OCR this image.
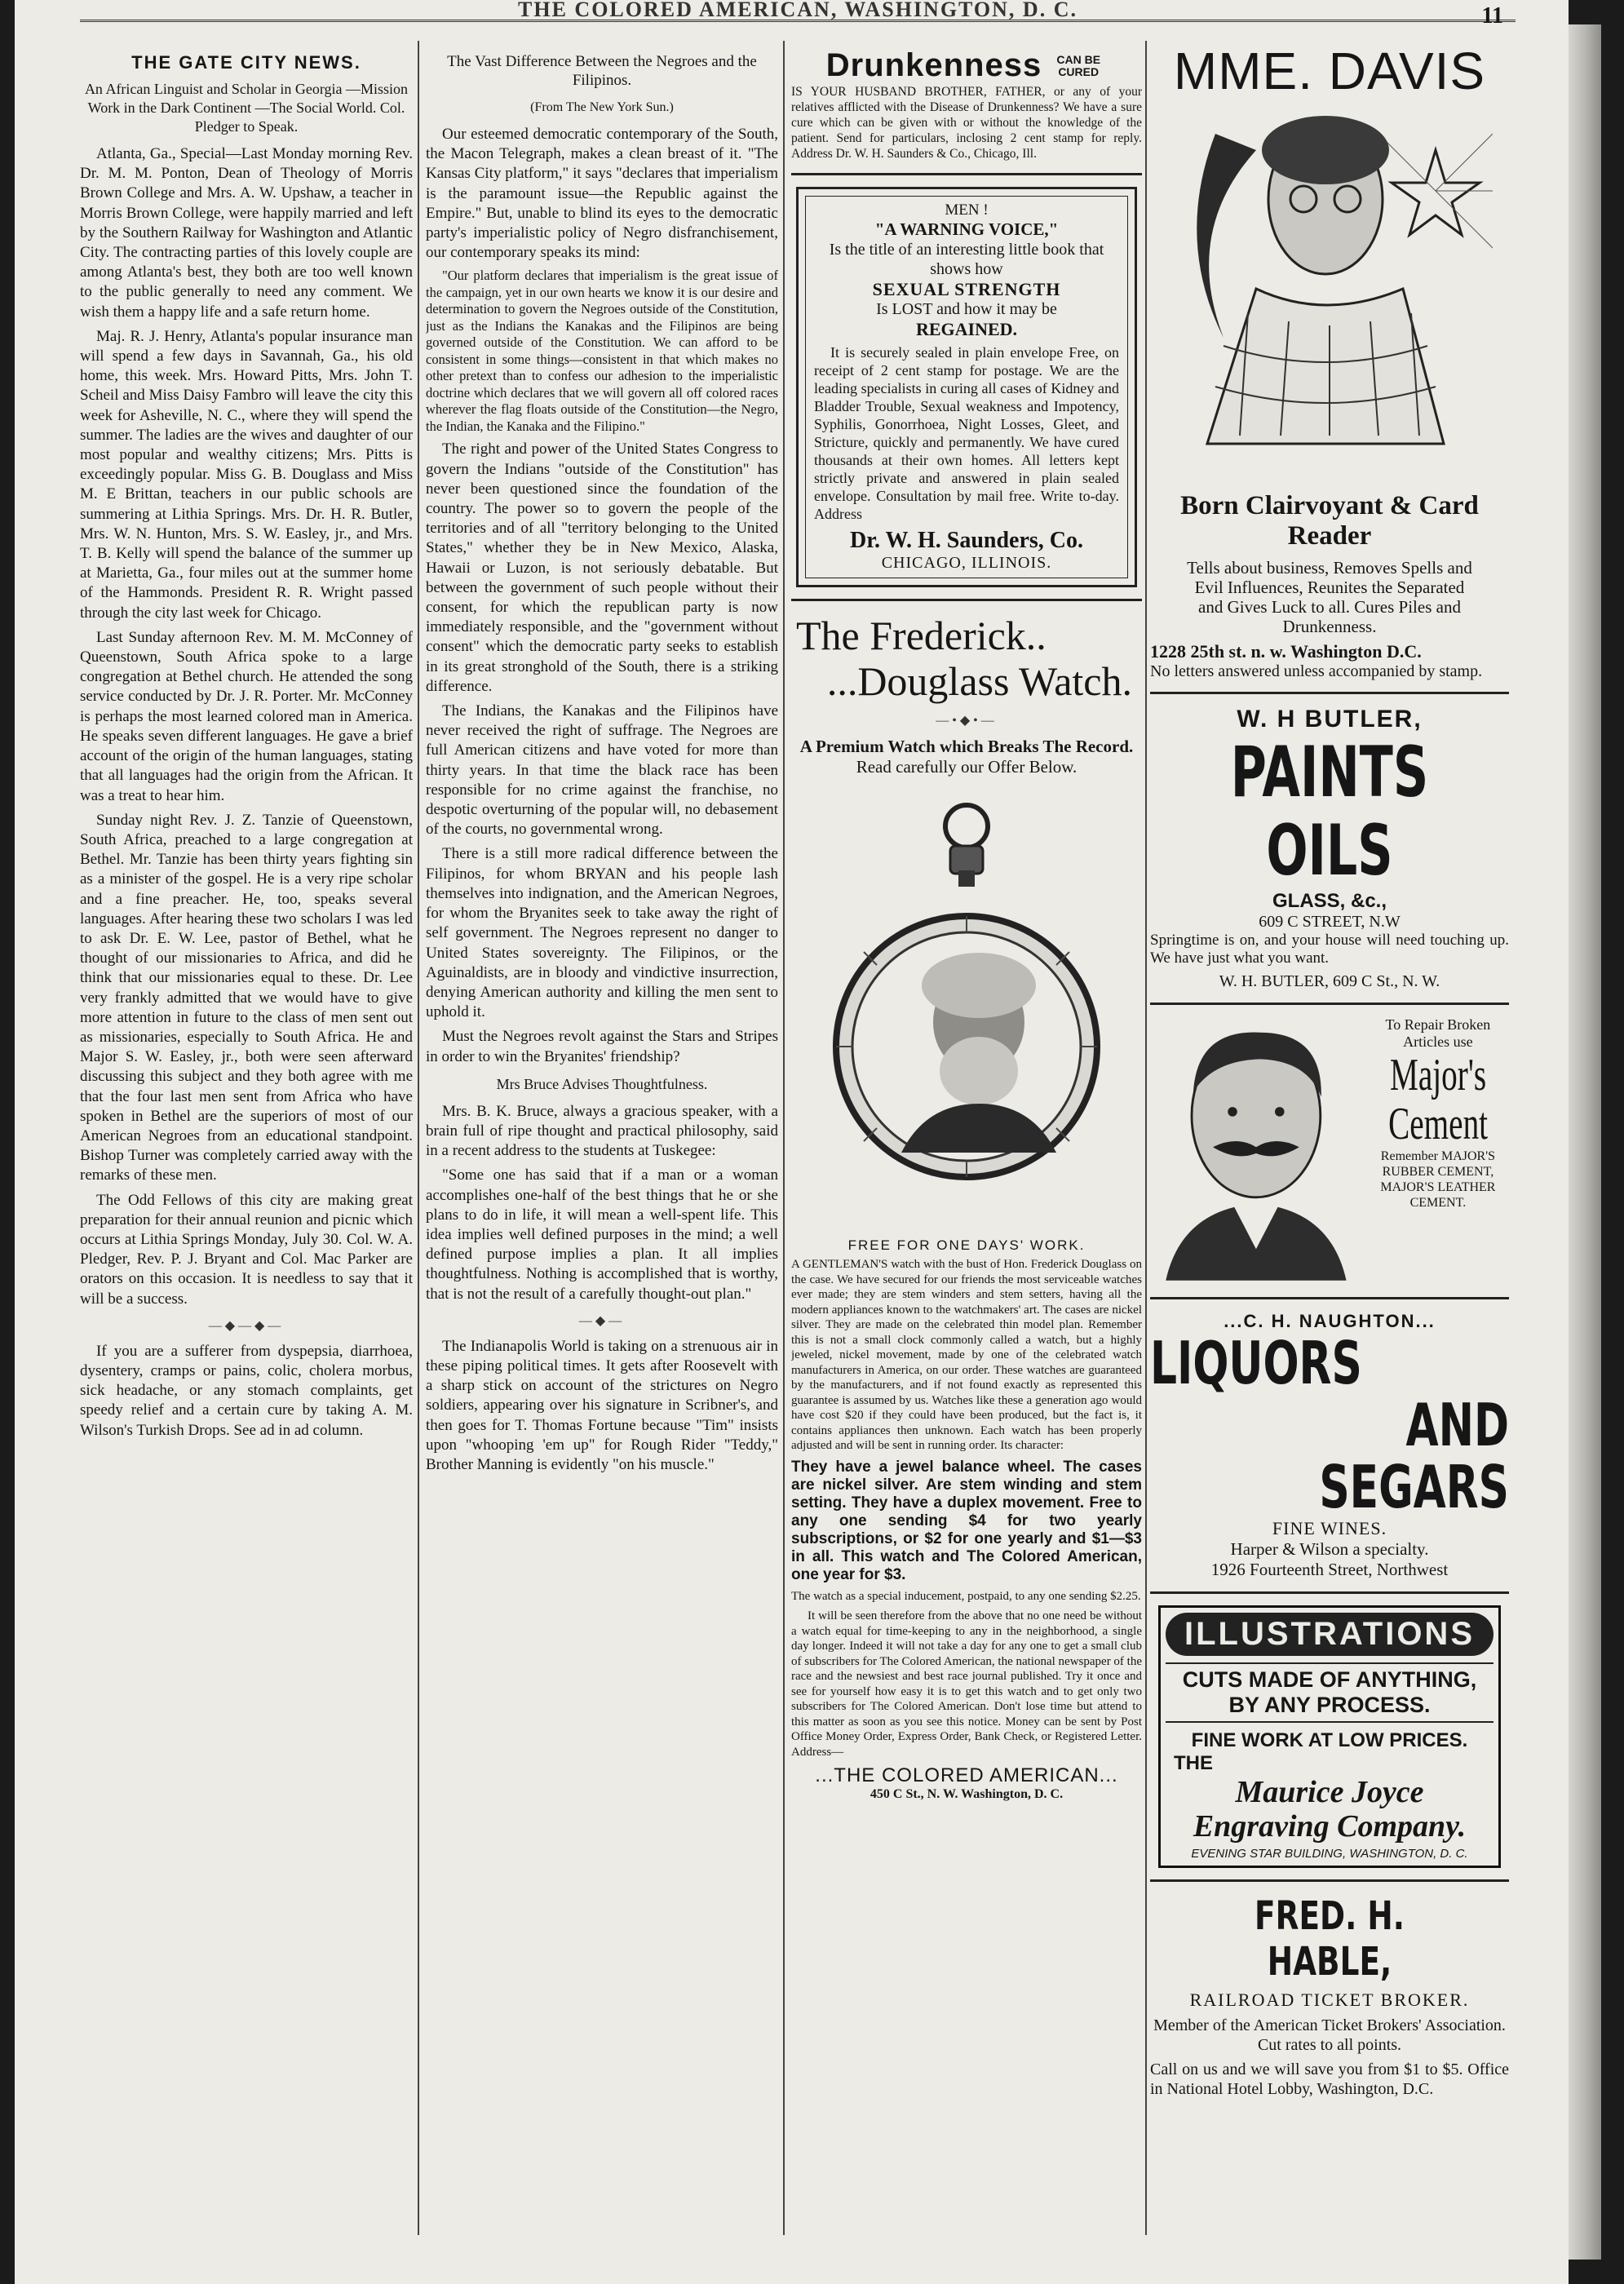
THE COLORED AMERICAN, WASHINGTON, D. C.	11
THE GATE CITY NEWS.
An African Linguist and Scholar in Georgia —Mission Work in the Dark Continent —The Social World. Col. Pledger to Speak.

Atlanta, Ga., Special—Last Monday morning Rev. Dr. M. M. Ponton, Dean of Theology of Morris Brown College and Mrs. A. W. Upshaw, a teacher in Morris Brown College, were happily married and left by the Southern Railway for Washington and Atlantic City. The contracting parties of this lovely couple are among Atlanta's best, they both are too well known to the public generally to need any comment. We wish them a happy life and a safe return home.

Maj. R. J. Henry, Atlanta's popular insurance man will spend a few days in Savannah, Ga., his old home, this week. Mrs. Howard Pitts, Mrs. John T. Scheil and Miss Daisy Fambro will leave the city this week for Asheville, N. C., where they will spend the summer. The ladies are the wives and daughter of our most popular and wealthy citizens; Mrs. Pitts is exceedingly popular. Miss G. B. Douglass and Miss M. E Brittan, teachers in our public schools are summering at Lithia Springs. Mrs. Dr. H. R. Butler, Mrs. W. N. Hunton, Mrs. S. W. Easley, jr., and Mrs. T. B. Kelly will spend the balance of the summer up at Marietta, Ga., four miles out at the summer home of the Hammonds. President R. R. Wright passed through the city last week for Chicago.

Last Sunday afternoon Rev. M. M. McConney of Queenstown, South Africa spoke to a large congregation at Bethel church. He attended the song service conducted by Dr. J. R. Porter. Mr. McConney is perhaps the most learned colored man in America. He speaks seven different languages. He gave a brief account of the origin of the human languages, stating that all languages had the origin from the African. It was a treat to hear him.

Sunday night Rev. J. Z. Tanzie of Queenstown, South Africa, preached to a large congregation at Bethel. Mr. Tanzie has been thirty years fighting sin as a minister of the gospel. He is a very ripe scholar and a fine preacher. He, too, speaks several languages. After hearing these two scholars I was led to ask Dr. E. W. Lee, pastor of Bethel, what he thought of our missionaries to Africa, and did he think that our missionaries equal to these. Dr. Lee very frankly admitted that we would have to give more attention in future to the class of men sent out as missionaries, especially to South Africa. He and Major S. W. Easley, jr., both were seen afterward discussing this subject and they both agree with me that the four last men sent from Africa who have spoken in Bethel are the superiors of most of our American Negroes from an educational standpoint. Bishop Turner was completely carried away with the remarks of these men.

The Odd Fellows of this city are making great preparation for their annual reunion and picnic which occurs at Lithia Springs Monday, July 30. Col. W. A. Pledger, Rev. P. J. Bryant and Col. Mac Parker are orators on this occasion. It is needless to say that it will be a success.

—◆—◆—

If you are a sufferer from dyspepsia, diarrhoea, dysentery, cramps or pains, colic, cholera morbus, sick headache, or any stomach complaints, get speedy relief and a certain cure by taking A. M. Wilson's Turkish Drops. See ad in ad column.

The Vast Difference Between the Negroes and the Filipinos.
(From The New York Sun.)

Our esteemed democratic contemporary of the South, the Macon Telegraph, makes a clean breast of it. "The Kansas City platform," it says "declares that imperialism is the paramount issue—the Republic against the Empire." But, unable to blind its eyes to the democratic party's imperialistic policy of Negro disfranchisement, our contemporary speaks its mind:

"Our platform declares that imperialism is the great issue of the campaign, yet in our own hearts we know it is our desire and determination to govern the Negroes outside of the Constitution, just as the Indians the Kanakas and the Filipinos are being governed outside of the Constitution. We can afford to be consistent in some things—consistent in that which makes no other pretext than to confess our adhesion to the imperialistic doctrine which declares that we will govern all off colored races wherever the flag floats outside of the Constitution—the Negro, the Indian, the Kanaka and the Filipino."

The right and power of the United States Congress to govern the Indians "outside of the Constitution" has never been questioned since the foundation of the country. The power so to govern the people of the territories and of all "territory belonging to the United States," whether they be in New Mexico, Alaska, Hawaii or Luzon, is not seriously debatable. But between the government of such people without their consent, for which the republican party is now immediately responsible, and the "government without consent" which the democratic party seeks to establish in its great stronghold of the South, there is a striking difference.

The Indians, the Kanakas and the Filipinos have never received the right of suffrage. The Negroes are full American citizens and have voted for more than thirty years. In that time the black race has been responsible for no crime against the franchise, no despotic overturning of the popular will, no debasement of the courts, no governmental wrong.

There is a still more radical difference between the Filipinos, for whom BRYAN and his people lash themselves into indignation, and the American Negroes, for whom the Bryanites seek to take away the right of self government. The Negroes represent no danger to United States sovereignty. The Filipinos, or the Aguinaldists, are in bloody and vindictive insurrection, denying American authority and killing the men sent to uphold it.

Must the Negroes revolt against the Stars and Stripes in order to win the Bryanites' friendship?

Mrs Bruce Advises Thoughtfulness.

Mrs. B. K. Bruce, always a gracious speaker, with a brain full of ripe thought and practical philosophy, said in a recent address to the students at Tuskegee:

"Some one has said that if a man or a woman accomplishes one-half of the best things that he or she plans to do in life, it will mean a well-spent life. This idea implies well defined purposes in the mind; a well defined purpose implies a plan. It all implies thoughtfulness. Nothing is accomplished that is worthy, that is not the result of a carefully thought-out plan."

—◆—

The Indianapolis World is taking on a strenuous air in these piping political times. It gets after Roosevelt with a sharp stick on account of the strictures on Negro soldiers, appearing over his signature in Scribner's, and then goes for T. Thomas Fortune because "Tim" insists upon "whooping 'em up" for Rough Rider "Teddy," Brother Manning is evidently "on his muscle."

Drunkenness	CAN BE CURED

IS YOUR HUSBAND BROTHER, FATHER, or any of your relatives afflicted with the Disease of Drunkenness? We have a sure cure which can be given with or without the knowledge of the patient. Send for particulars, inclosing 2 cent stamp for reply. Address Dr. W. H. Saunders & Co., Chicago, Ill.

MEN !
"A WARNING VOICE,"
Is the title of an interesting little book that shows how
SEXUAL STRENGTH
Is LOST and how it may be
REGAINED.

It is securely sealed in plain envelope Free, on receipt of 2 cent stamp for postage. We are the leading specialists in curing all cases of Kidney and Bladder Trouble, Sexual weakness and Impotency, Syphilis, Gonorrhoea, Night Losses, Gleet, and Stricture, quickly and permanently. We have cured thousands at their own homes. All letters kept strictly private and answered in plain sealed envelope. Consultation by mail free. Write to-day. Address

Dr. W. H. Saunders, Co.
CHICAGO, ILLINOIS.
The Frederick..
...Douglass Watch.
—•◆•—
A Premium Watch which Breaks The Record. Read carefully our Offer Below.
FREE FOR ONE DAYS' WORK.

A GENTLEMAN'S watch with the bust of Hon. Frederick Douglass on the case. We have secured for our friends the most serviceable watches ever made; they are stem winders and stem setters, having all the modern appliances known to the watchmakers' art. The cases are nickel silver. They are made on the celebrated thin model plan. Remember this is not a small clock commonly called a watch, but a highly jeweled, nickel movement, made by one of the celebrated watch manufacturers in America, on our order. These watches are guaranteed by the manufacturers, and if not found exactly as represented this guarantee is assumed by us. Watches like these a generation ago would have cost $20 if they could have been produced, but the fact is, it contains appliances then unknown. Each watch has been properly adjusted and will be sent in running order. Its character:

They have a jewel balance wheel. The cases are nickel silver. Are stem winding and stem setting. They have a duplex movement. Free to any one sending $4 for two yearly subscriptions, or $2 for one yearly and $1—$3 in all. This watch and The Colored American, one year for $3.

The watch as a special inducement, postpaid, to any one sending $2.25.

It will be seen therefore from the above that no one need be without a watch equal for time-keeping to any in the neighborhood, a single day longer. Indeed it will not take a day for any one to get a small club of subscribers for The Colored American, the national newspaper of the race and the newsiest and best race journal published. Try it once and see for yourself how easy it is to get this watch and to get only two subscribers for The Colored American. Don't lose time but attend to this matter as soon as you see this notice. Money can be sent by Post Office Money Order, Express Order, Bank Check, or Registered Letter. Address—

...THE COLORED AMERICAN...
450 C St., N. W. Washington, D. C.
MME. DAVIS
Born Clairvoyant & Card Reader

Tells about business, Removes Spells and Evil Influences, Reunites the Separated and Gives Luck to all. Cures Piles and Drunkenness.

1228 25th st. n. w. Washington D.C.

No letters answered unless accompanied by stamp.

W. H BUTLER,
PAINTS OILS
GLASS, &c.,
609 C STREET, N.W

Springtime is on, and your house will need touching up. We have just what you want.

W. H. BUTLER, 609 C St., N. W.
To Repair Broken Articles use
Major's
Cement
Remember MAJOR'S RUBBER CEMENT, MAJOR'S LEATHER CEMENT.
...C. H. NAUGHTON...
LIQUORS
AND SEGARS
FINE WINES.
Harper & Wilson a specialty.
1926 Fourteenth Street, Northwest
ILLUSTRATIONS
CUTS MADE OF ANYTHING, BY ANY PROCESS.
FINE WORK AT LOW PRICES.
THE
Maurice Joyce Engraving Company.
EVENING STAR BUILDING, WASHINGTON, D. C.
FRED. H. HABLE,
RAILROAD TICKET BROKER.

Member of the American Ticket Brokers' Association. Cut rates to all points.

Call on us and we will save you from $1 to $5. Office in National Hotel Lobby, Washington, D.C.
